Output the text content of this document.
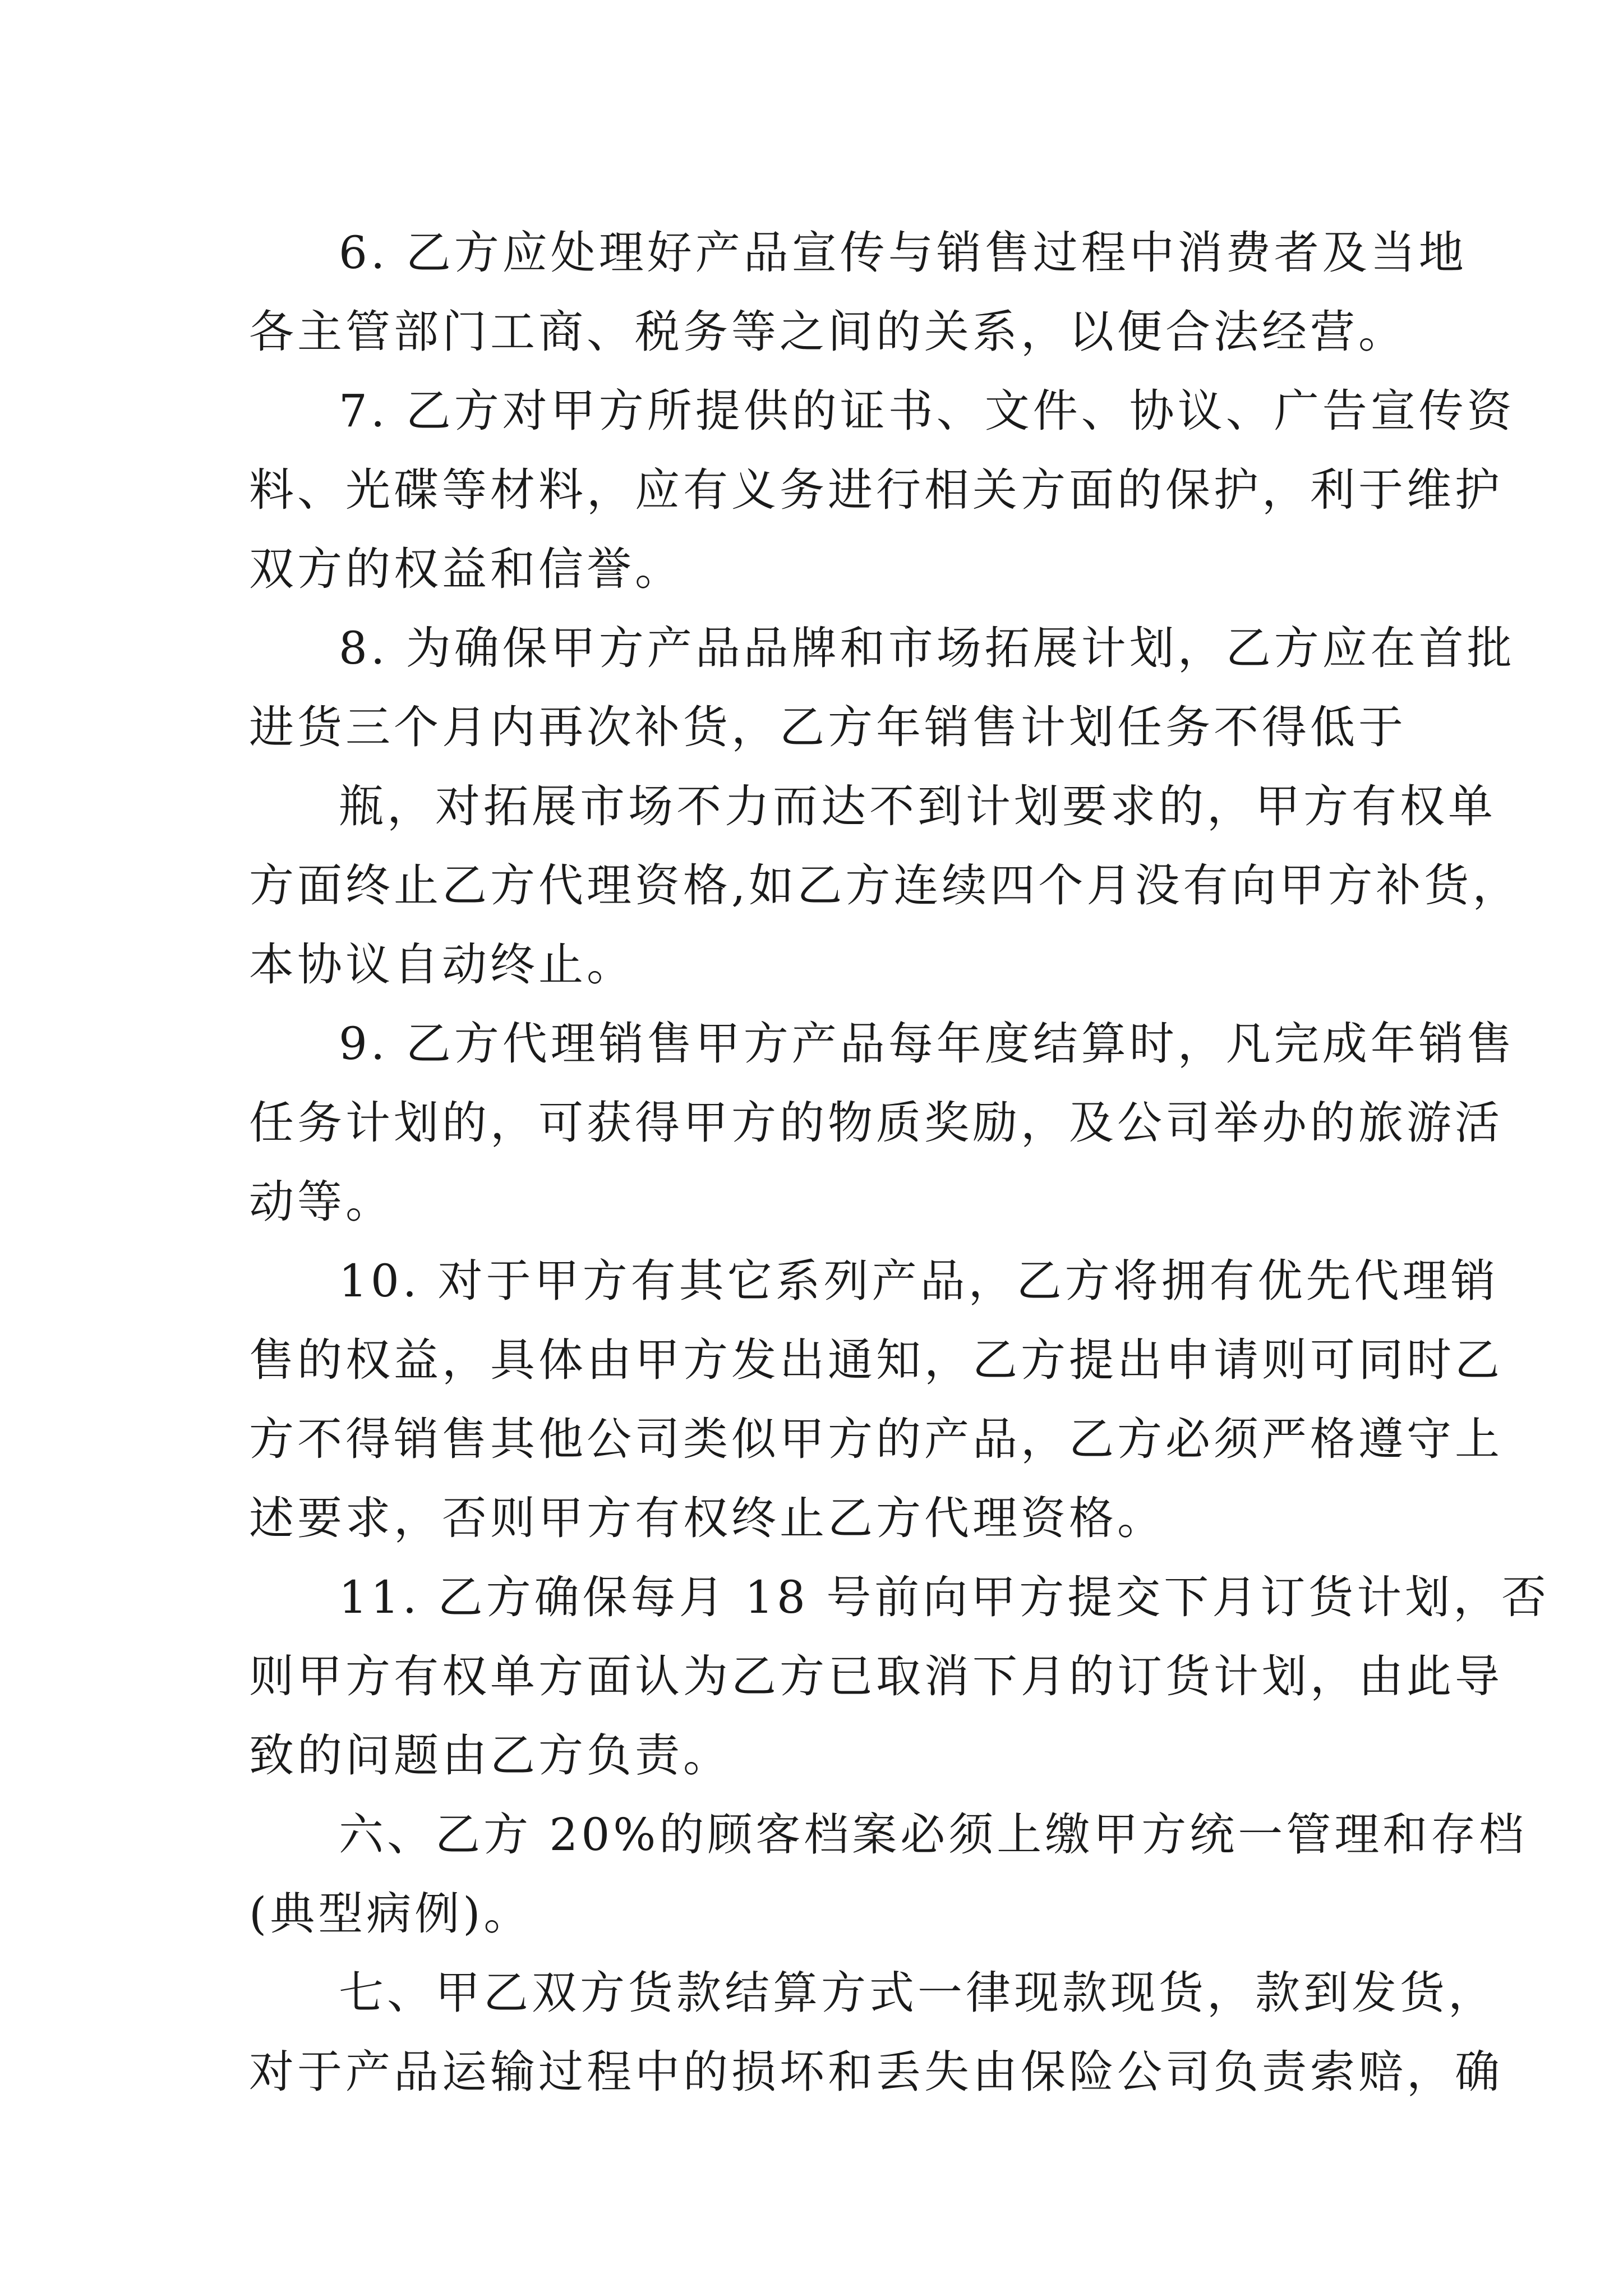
6. 乙方应处理好产品宣传与销售过程中消费者及当地
各主管部门工商、税务等之间的关系，以便合法经营。
7. 乙方对甲方所提供的证书、文件、协议、广告宣传资
料、光碟等材料，应有义务进行相关方面的保护，利于维护
双方的权益和信誉。
8. 为确保甲方产品品牌和市场拓展计划，乙方应在首批
进货三个月内再次补货，乙方年销售计划任务不得低于
瓶，对拓展市场不力而达不到计划要求的，甲方有权单
方面终止乙方代理资格,如乙方连续四个月没有向甲方补货，
本协议自动终止。
9. 乙方代理销售甲方产品每年度结算时，凡完成年销售
任务计划的，可获得甲方的物质奖励，及公司举办的旅游活
动等。
10. 对于甲方有其它系列产品，乙方将拥有优先代理销
售的权益，具体由甲方发出通知，乙方提出申请则可同时乙
方不得销售其他公司类似甲方的产品，乙方必须严格遵守上
述要求，否则甲方有权终止乙方代理资格。
11. 乙方确保每月 18 号前向甲方提交下月订货计划，否
则甲方有权单方面认为乙方已取消下月的订货计划，由此导
致的问题由乙方负责。
六、乙方 20%的顾客档案必须上缴甲方统一管理和存档
(典型病例)。
七、甲乙双方货款结算方式一律现款现货，款到发货，
对于产品运输过程中的损坏和丢失由保险公司负责索赔，确
